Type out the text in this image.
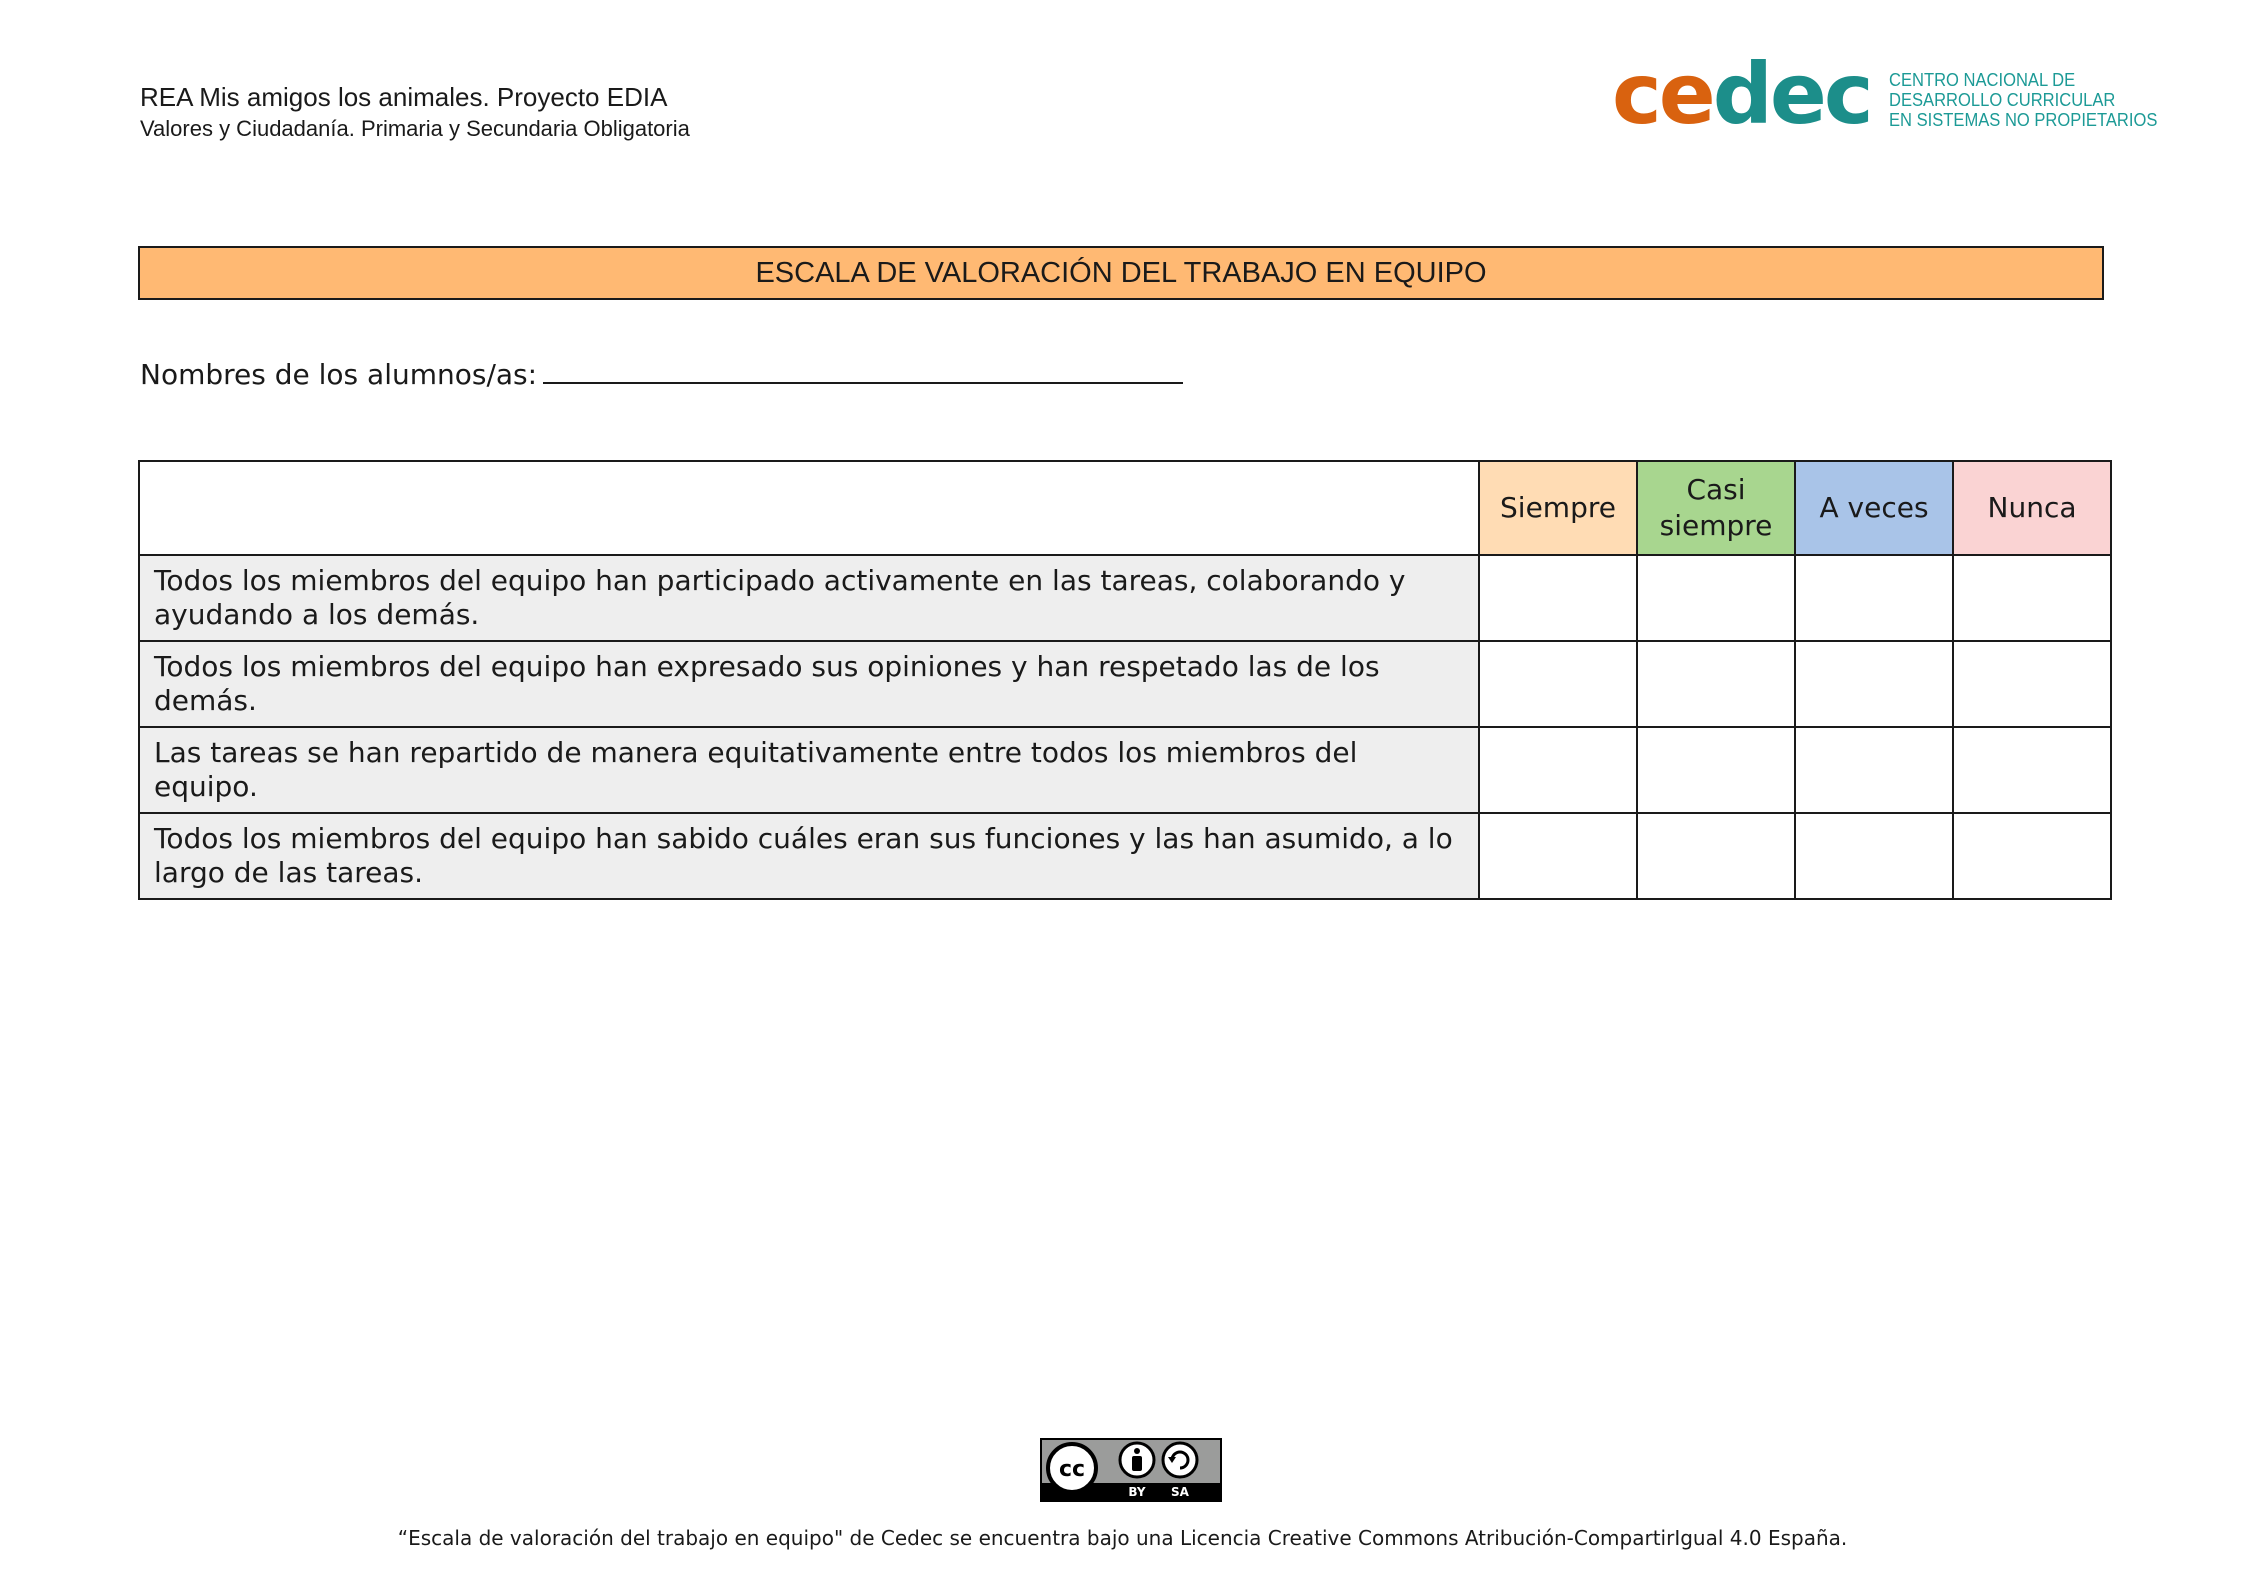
REA Mis amigos los animales. Proyecto EDIA
Valores y Ciudadanía. Primaria y Secundaria Obligatoria	cedec CENTRO NACIONAL DE
DESARROLLO CURRICULAR
EN SISTEMAS NO PROPIETARIOS
ESCALA DE VALORACIÓN DEL TRABAJO EN EQUIPO
Nombres de los alumnos/as:
	Siempre	Casi siempre	A veces	Nunca
Todos los miembros del equipo han participado activamente en las tareas, colaborando y ayudando a los demás.				
Todos los miembros del equipo han expresado sus opiniones y han respetado las de los demás.				
Las tareas se han repartido de manera equitativamente entre todos los miembros del equipo.				
Todos los miembros del equipo han sabido cuáles eran sus funciones y las han asumido, a lo largo de las tareas.				
cc
BY SA
“Escala de valoración del trabajo en equipo" de Cedec se encuentra bajo una Licencia Creative Commons Atribución-CompartirIgual 4.0 España.
